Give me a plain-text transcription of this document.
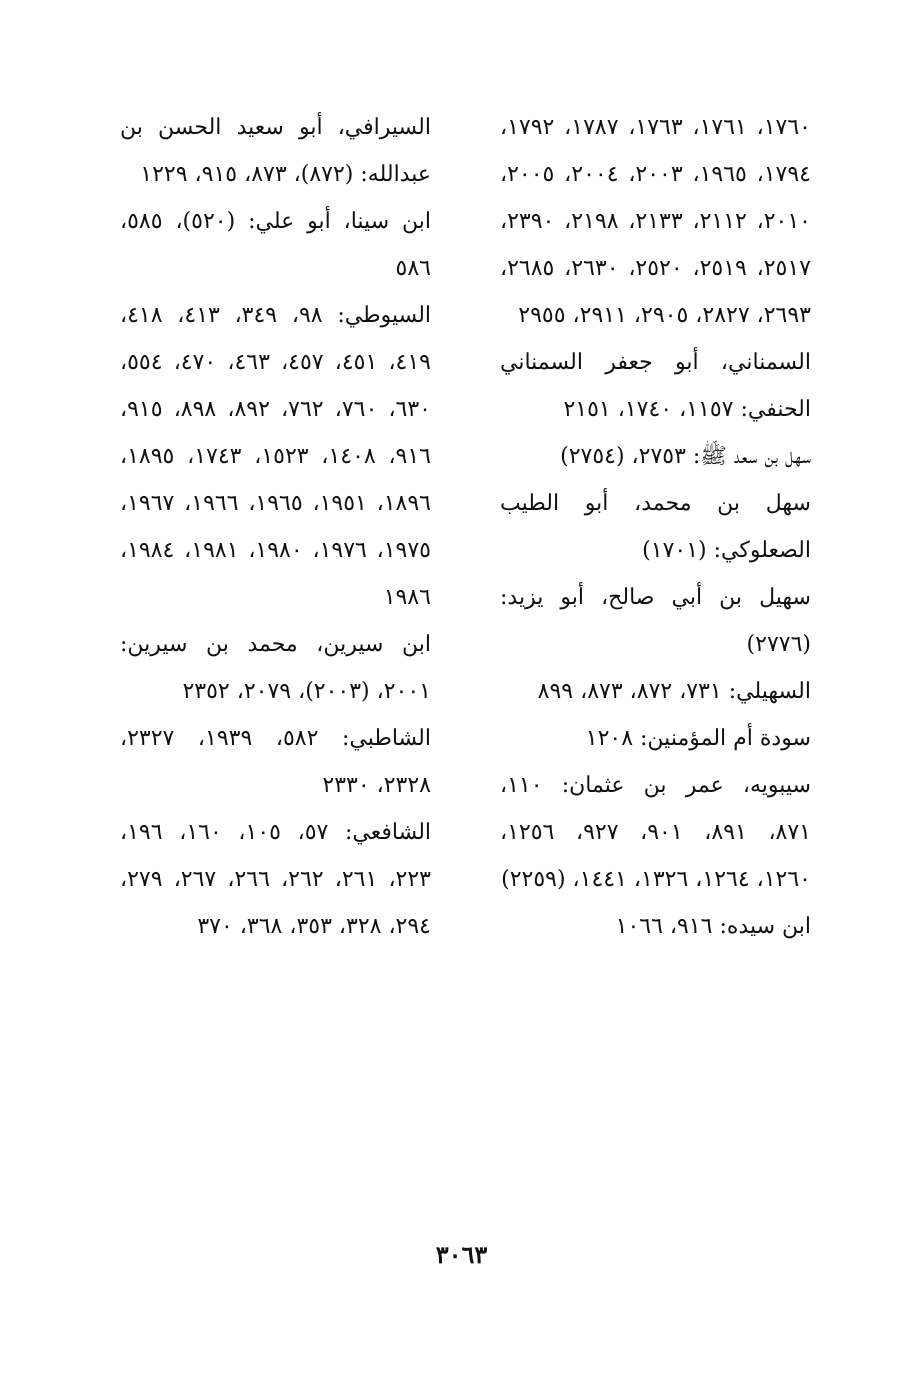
١٧٦٠، ١٧٦١، ١٧٦٣، ١٧٨٧، ١٧٩٢، ١٧٩٤، ١٩٦٥، ٢٠٠٣، ٢٠٠٤، ٢٠٠٥، ٢٠١٠، ٢١١٢، ٢١٣٣، ٢١٩٨، ٢٣٩٠، ٢٥١٧، ٢٥١٩، ٢٥٢٠، ٢٦٣٠، ٢٦٨٥، ٢٦٩٣، ٢٨٢٧، ٢٩٠٥، ٢٩١١، ٢٩٥٥

السمناني، أبو جعفر السمناني الحنفي: ١١٥٧، ١٧٤٠، ٢١٥١

سهل بن سعد ﷺ: ٢٧٥٣، (٢٧٥٤)

سهل بن محمد، أبو الطيب الصعلوكي: (١٧٠١)

سهيل بن أبي صالح، أبو يزيد: (٢٧٧٦)

السهيلي: ٧٣١، ٨٧٢، ٨٧٣، ٨٩٩

سودة أم المؤمنين: ١٢٠٨

سيبويه، عمر بن عثمان: ١١٠، ٨٧١، ٨٩١، ٩٠١، ٩٢٧، ١٢٥٦، ١٢٦٠، ١٢٦٤، ١٣٢٦، ١٤٤١، (٢٢٥٩)

ابن سيده: ٩١٦، ١٠٦٦

السيرافي، أبو سعيد الحسن بن عبدالله: (٨٧٢)، ٨٧٣، ٩١٥، ١٢٢٩

ابن سينا، أبو علي: (٥٢٠)، ٥٨٥، ٥٨٦

السيوطي: ٩٨، ٣٤٩، ٤١٣، ٤١٨، ٤١٩، ٤٥١، ٤٥٧، ٤٦٣، ٤٧٠، ٥٥٤، ٦٣٠، ٧٦٠، ٧٦٢، ٨٩٢، ٨٩٨، ٩١٥، ٩١٦، ١٤٠٨، ١٥٢٣، ١٧٤٣، ١٨٩٥، ١٨٩٦، ١٩٥١، ١٩٦٥، ١٩٦٦، ١٩٦٧، ١٩٧٥، ١٩٧٦، ١٩٨٠، ١٩٨١، ١٩٨٤، ١٩٨٦

ابن سيرين، محمد بن سيرين: ٢٠٠١، (٢٠٠٣)، ٢٠٧٩، ٢٣٥٢

الشاطبي: ٥٨٢، ١٩٣٩، ٢٣٢٧، ٢٣٢٨، ٢٣٣٠

الشافعي: ٥٧، ١٠٥، ١٦٠، ١٩٦، ٢٢٣، ٢٦١، ٢٦٢، ٢٦٦، ٢٦٧، ٢٧٩، ٢٩٤، ٣٢٨، ٣٥٣، ٣٦٨، ٣٧٠

٣٠٦٣
